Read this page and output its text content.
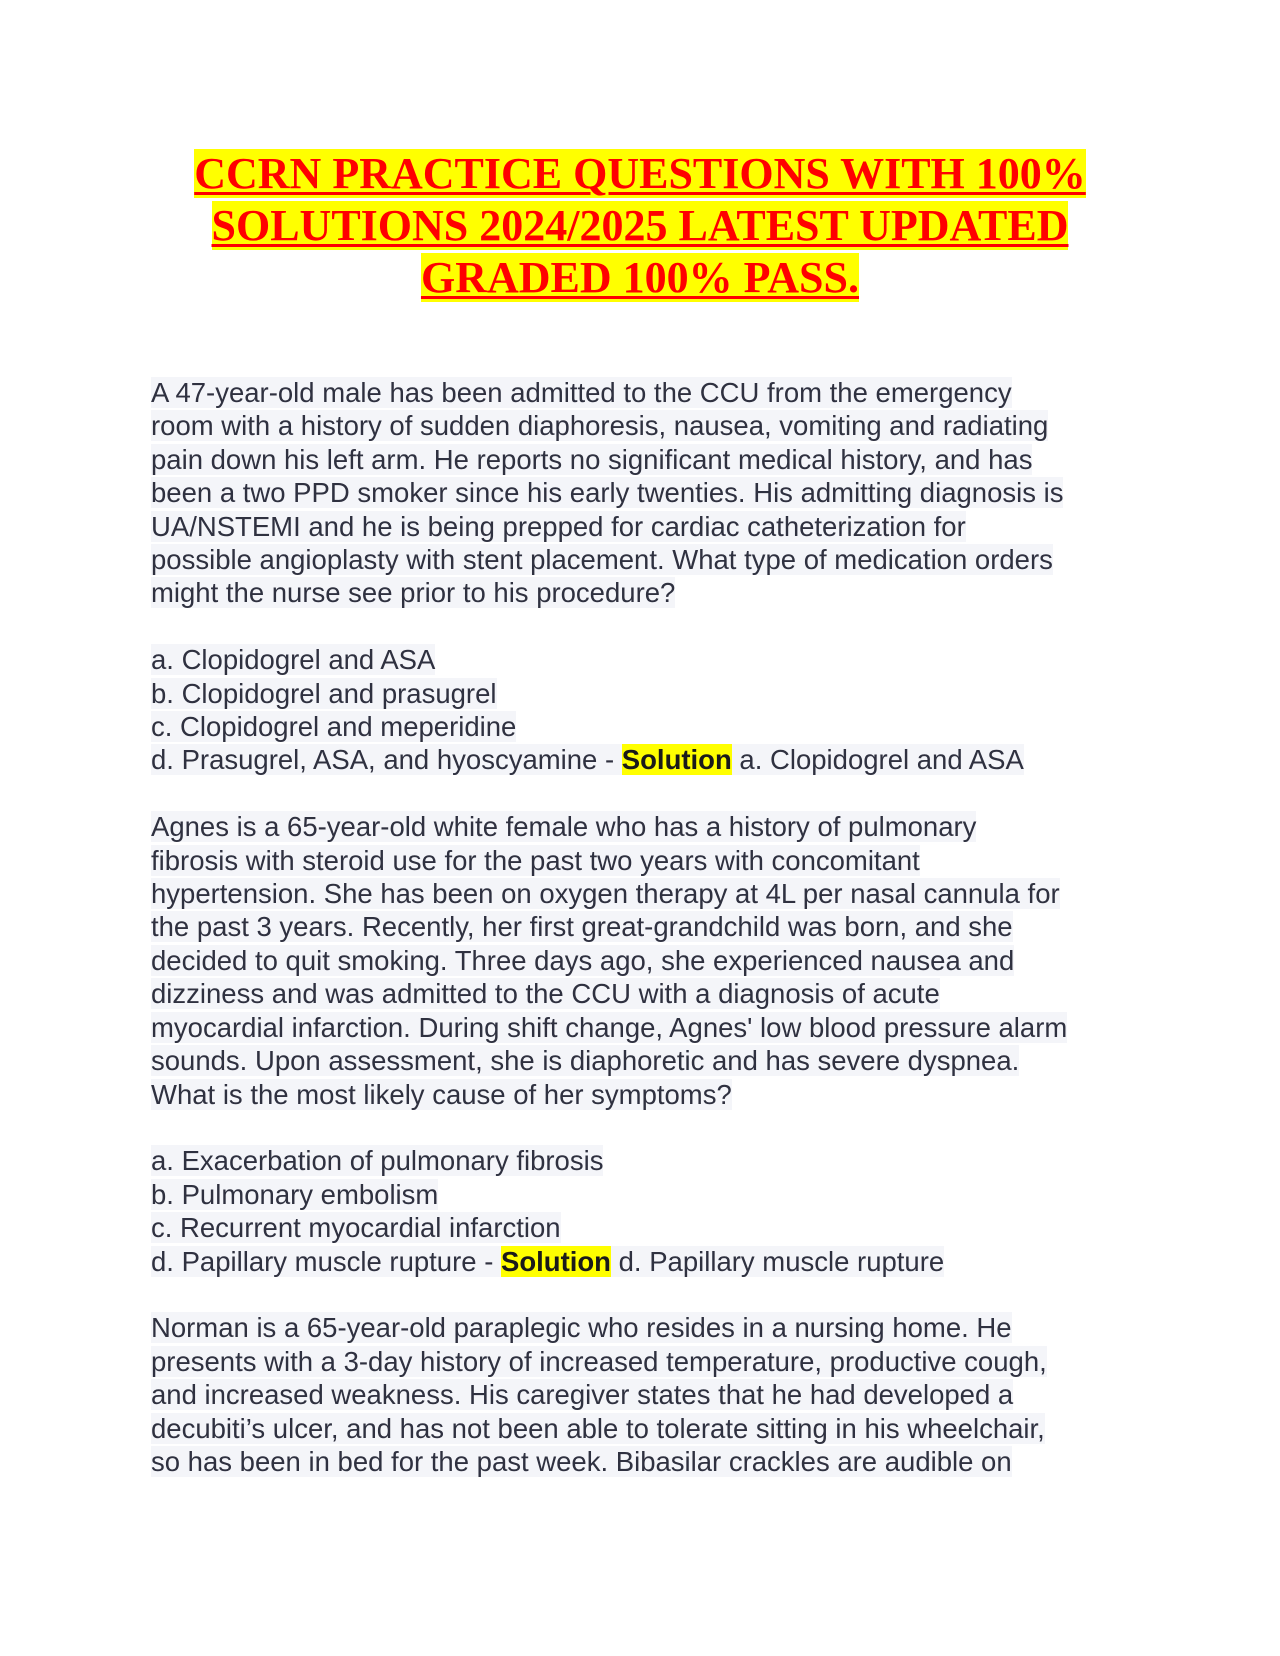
CCRN PRACTICE QUESTIONS WITH 100%
SOLUTIONS 2024/2025 LATEST UPDATED
GRADED 100% PASS.

A 47-year-old male has been admitted to the CCU from the emergency

room with a history of sudden diaphoresis, nausea, vomiting and radiating

pain down his left arm. He reports no significant medical history, and has

been a two PPD smoker since his early twenties. His admitting diagnosis is

UA/NSTEMI and he is being prepped for cardiac catheterization for

possible angioplasty with stent placement. What type of medication orders

might the nurse see prior to his procedure?

a. Clopidogrel and ASA

b. Clopidogrel and prasugrel

c. Clopidogrel and meperidine

d. Prasugrel, ASA, and hyoscyamine - Solution a. Clopidogrel and ASA

Agnes is a 65-year-old white female who has a history of pulmonary

fibrosis with steroid use for the past two years with concomitant

hypertension. She has been on oxygen therapy at 4L per nasal cannula for

the past 3 years. Recently, her first great-grandchild was born, and she

decided to quit smoking. Three days ago, she experienced nausea and

dizziness and was admitted to the CCU with a diagnosis of acute

myocardial infarction. During shift change, Agnes' low blood pressure alarm

sounds. Upon assessment, she is diaphoretic and has severe dyspnea.

What is the most likely cause of her symptoms?

a. Exacerbation of pulmonary fibrosis

b. Pulmonary embolism

c. Recurrent myocardial infarction

d. Papillary muscle rupture - Solution d. Papillary muscle rupture

Norman is a 65-year-old paraplegic who resides in a nursing home. He

presents with a 3-day history of increased temperature, productive cough,

and increased weakness. His caregiver states that he had developed a

decubiti’s ulcer, and has not been able to tolerate sitting in his wheelchair,

so has been in bed for the past week. Bibasilar crackles are audible on
